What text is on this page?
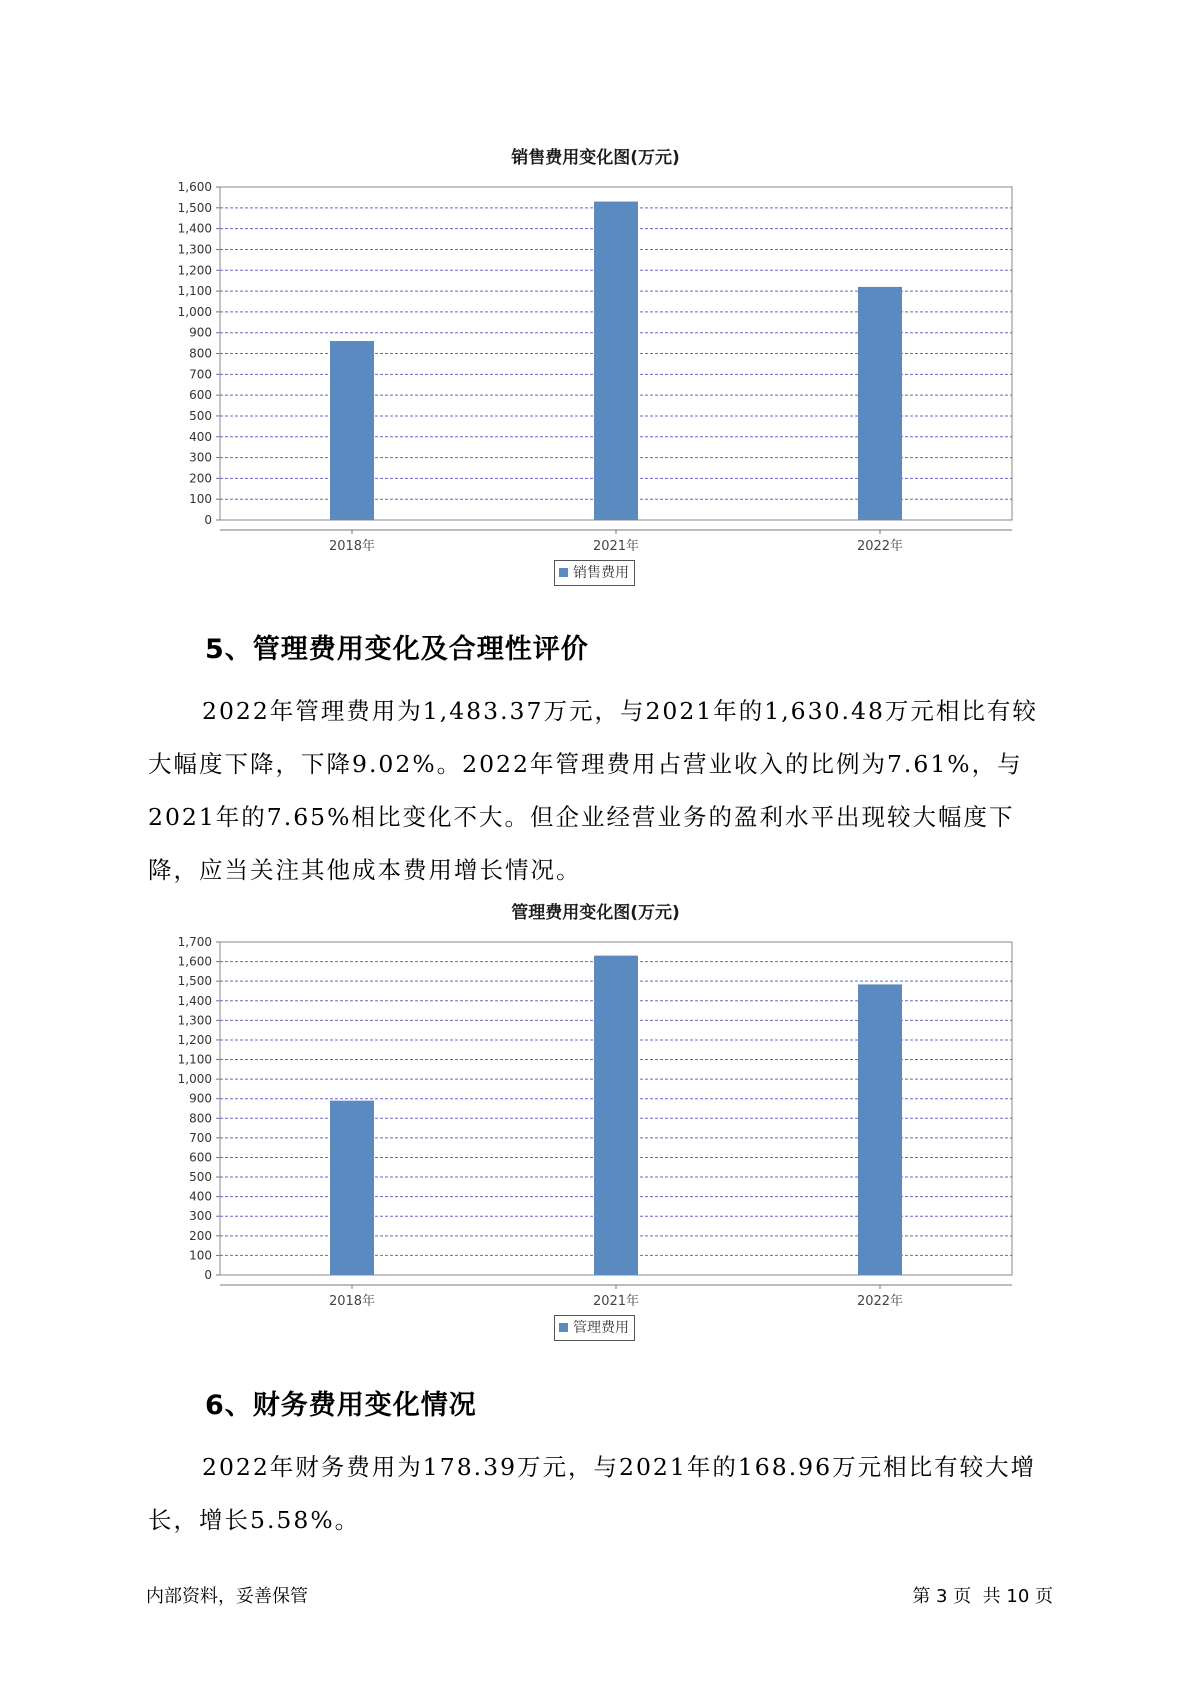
销售费用变化图(万元)
0
100
200
300
400
500
600
700
800
900
1,000
1,100
1,200
1,300
1,400
1,500
1,600
2018年	2021年	2022年
销售费用
5、管理费用变化及合理性评价
2022年管理费用为1,483.37万元，与2021年的1,630.48万元相比有较大幅度下降，下降9.02%。2022年管理费用占营业收入的比例为7.61%，与2021年的7.65%相比变化不大。但企业经营业务的盈利水平出现较大幅度下降，应当关注其他成本费用增长情况。
管理费用变化图(万元)
0
100
200
300
400
500
600
700
800
900
1,000
1,100
1,200
1,300
1,400
1,500
1,600
1,700
2018年	2021年	2022年
管理费用
6、财务费用变化情况
2022年财务费用为178.39万元，与2021年的168.96万元相比有较大增长，增长5.58%。
内部资料，妥善保管	第 3 页  共 10 页
